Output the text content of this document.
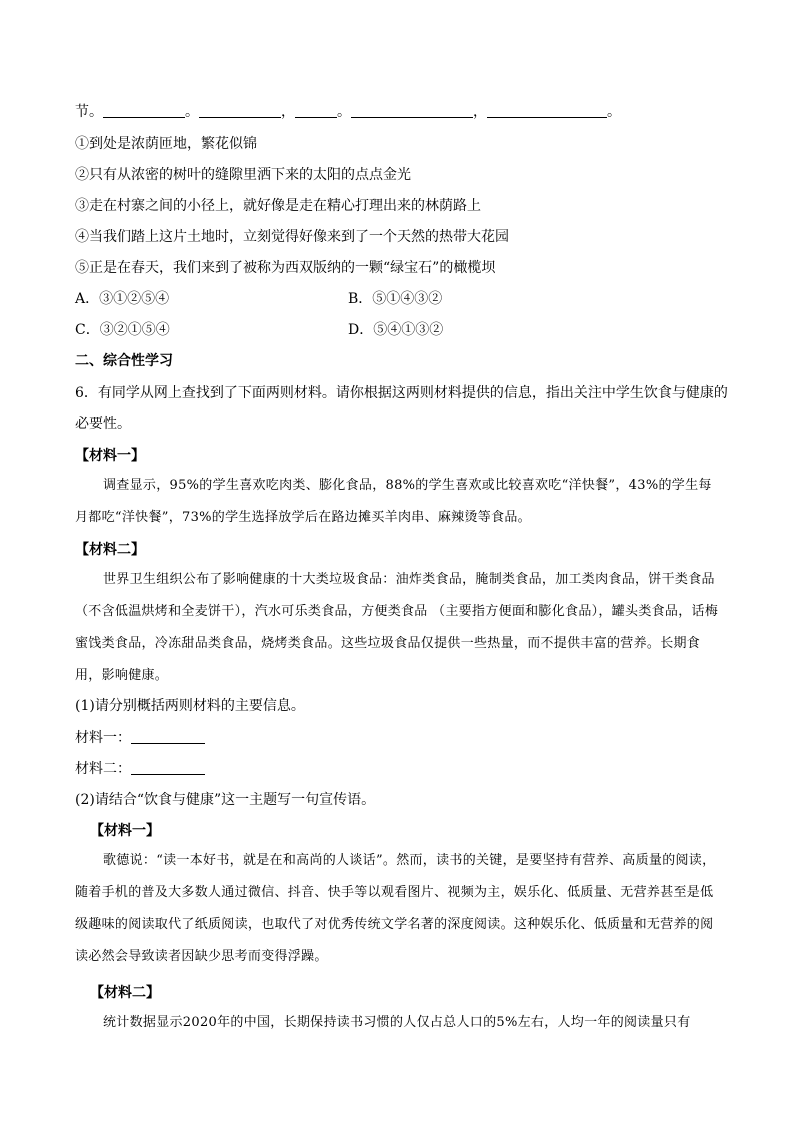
节。	。	，	。	，	。
①到处是浓荫匝地，繁花似锦
②只有从浓密的树叶的缝隙里洒下来的太阳的点点金光
③走在村寨之间的小径上，就好像是走在精心打理出来的林荫路上
④当我们踏上这片土地时，立刻觉得好像来到了一个天然的热带大花园
⑤正是在春天，我们来到了被称为西双版纳的一颗“绿宝石”的橄榄坝
A．③①②⑤④	B．⑤①④③②
C．③②①⑤④	D．⑤④①③②
二、综合性学习
6．有同学从网上查找到了下面两则材料。请你根据这两则材料提供的信息，指出关注中学生饮食与健康的
必要性。
【材料一】
调查显示，95%的学生喜欢吃肉类、膨化食品，88%的学生喜欢或比较喜欢吃“洋快餐”，43%的学生每月都吃“洋快餐”，73%的学生选择放学后在路边摊买羊肉串、麻辣烫等食品。
【材料二】
世界卫生组织公布了影响健康的十大类垃圾食品：油炸类食品，腌制类食品，加工类肉食品，饼干类食品（不含低温烘烤和全麦饼干），汽水可乐类食品，方便类食品 （主要指方便面和膨化食品），罐头类食品，话梅蜜饯类食品，冷冻甜品类食品，烧烤类食品。这些垃圾食品仅提供一些热量，而不提供丰富的营养。长期食用，影响健康。
(1)请分别概括两则材料的主要信息。
材料一：
材料二：
(2)请结合“饮食与健康”这一主题写一句宣传语。
【材料一】
歌德说：“读一本好书，就是在和高尚的人谈话”。然而，读书的关键，是要坚持有营养、高质量的阅读，随着手机的普及大多数人通过微信、抖音、快手等以观看图片、视频为主，娱乐化、低质量、无营养甚至是低级趣味的阅读取代了纸质阅读，也取代了对优秀传统文学名著的深度阅读。这种娱乐化、低质量和无营养的阅读必然会导致读者因缺少思考而变得浮躁。
【材料二】
统计数据显示2020年的中国，长期保持读书习惯的人仅占总人口的5%左右，人均一年的阅读量只有
